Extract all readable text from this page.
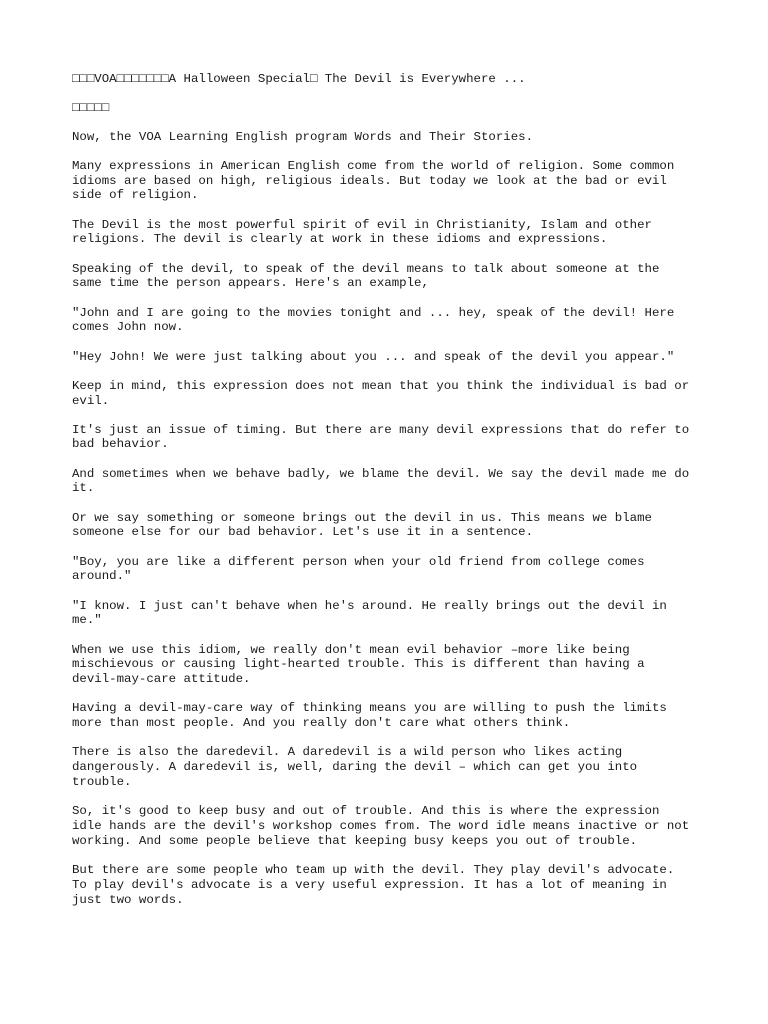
□□□VOA□□□□□□□A Halloween Special□ The Devil is Everywhere ...
□□□□□

Now, the VOA Learning English program Words and Their Stories.

Many expressions in American English come from the world of religion. Some common
idioms are based on high, religious ideals. But today we look at the bad or evil
side of religion.

The Devil is the most powerful spirit of evil in Christianity, Islam and other
religions. The devil is clearly at work in these idioms and expressions.

Speaking of the devil, to speak of the devil means to talk about someone at the
same time the person appears. Here's an example,

"John and I are going to the movies tonight and ... hey, speak of the devil! Here
comes John now.

"Hey John! We were just talking about you ... and speak of the devil you appear."

Keep in mind, this expression does not mean that you think the individual is bad or
evil.

It's just an issue of timing. But there are many devil expressions that do refer to
bad behavior.

And sometimes when we behave badly, we blame the devil. We say the devil made me do
it.

Or we say something or someone brings out the devil in us. This means we blame
someone else for our bad behavior. Let's use it in a sentence.

"Boy, you are like a different person when your old friend from college comes
around."

"I know. I just can't behave when he's around. He really brings out the devil in
me."

When we use this idiom, we really don't mean evil behavior –more like being
mischievous or causing light-hearted trouble. This is different than having a
devil-may-care attitude.

Having a devil-may-care way of thinking means you are willing to push the limits
more than most people. And you really don't care what others think.

There is also the daredevil. A daredevil is a wild person who likes acting
dangerously. A daredevil is, well, daring the devil – which can get you into
trouble.

So, it's good to keep busy and out of trouble. And this is where the expression
idle hands are the devil's workshop comes from. The word idle means inactive or not
working. And some people believe that keeping busy keeps you out of trouble.

But there are some people who team up with the devil. They play devil's advocate.
To play devil's advocate is a very useful expression. It has a lot of meaning in
just two words.
